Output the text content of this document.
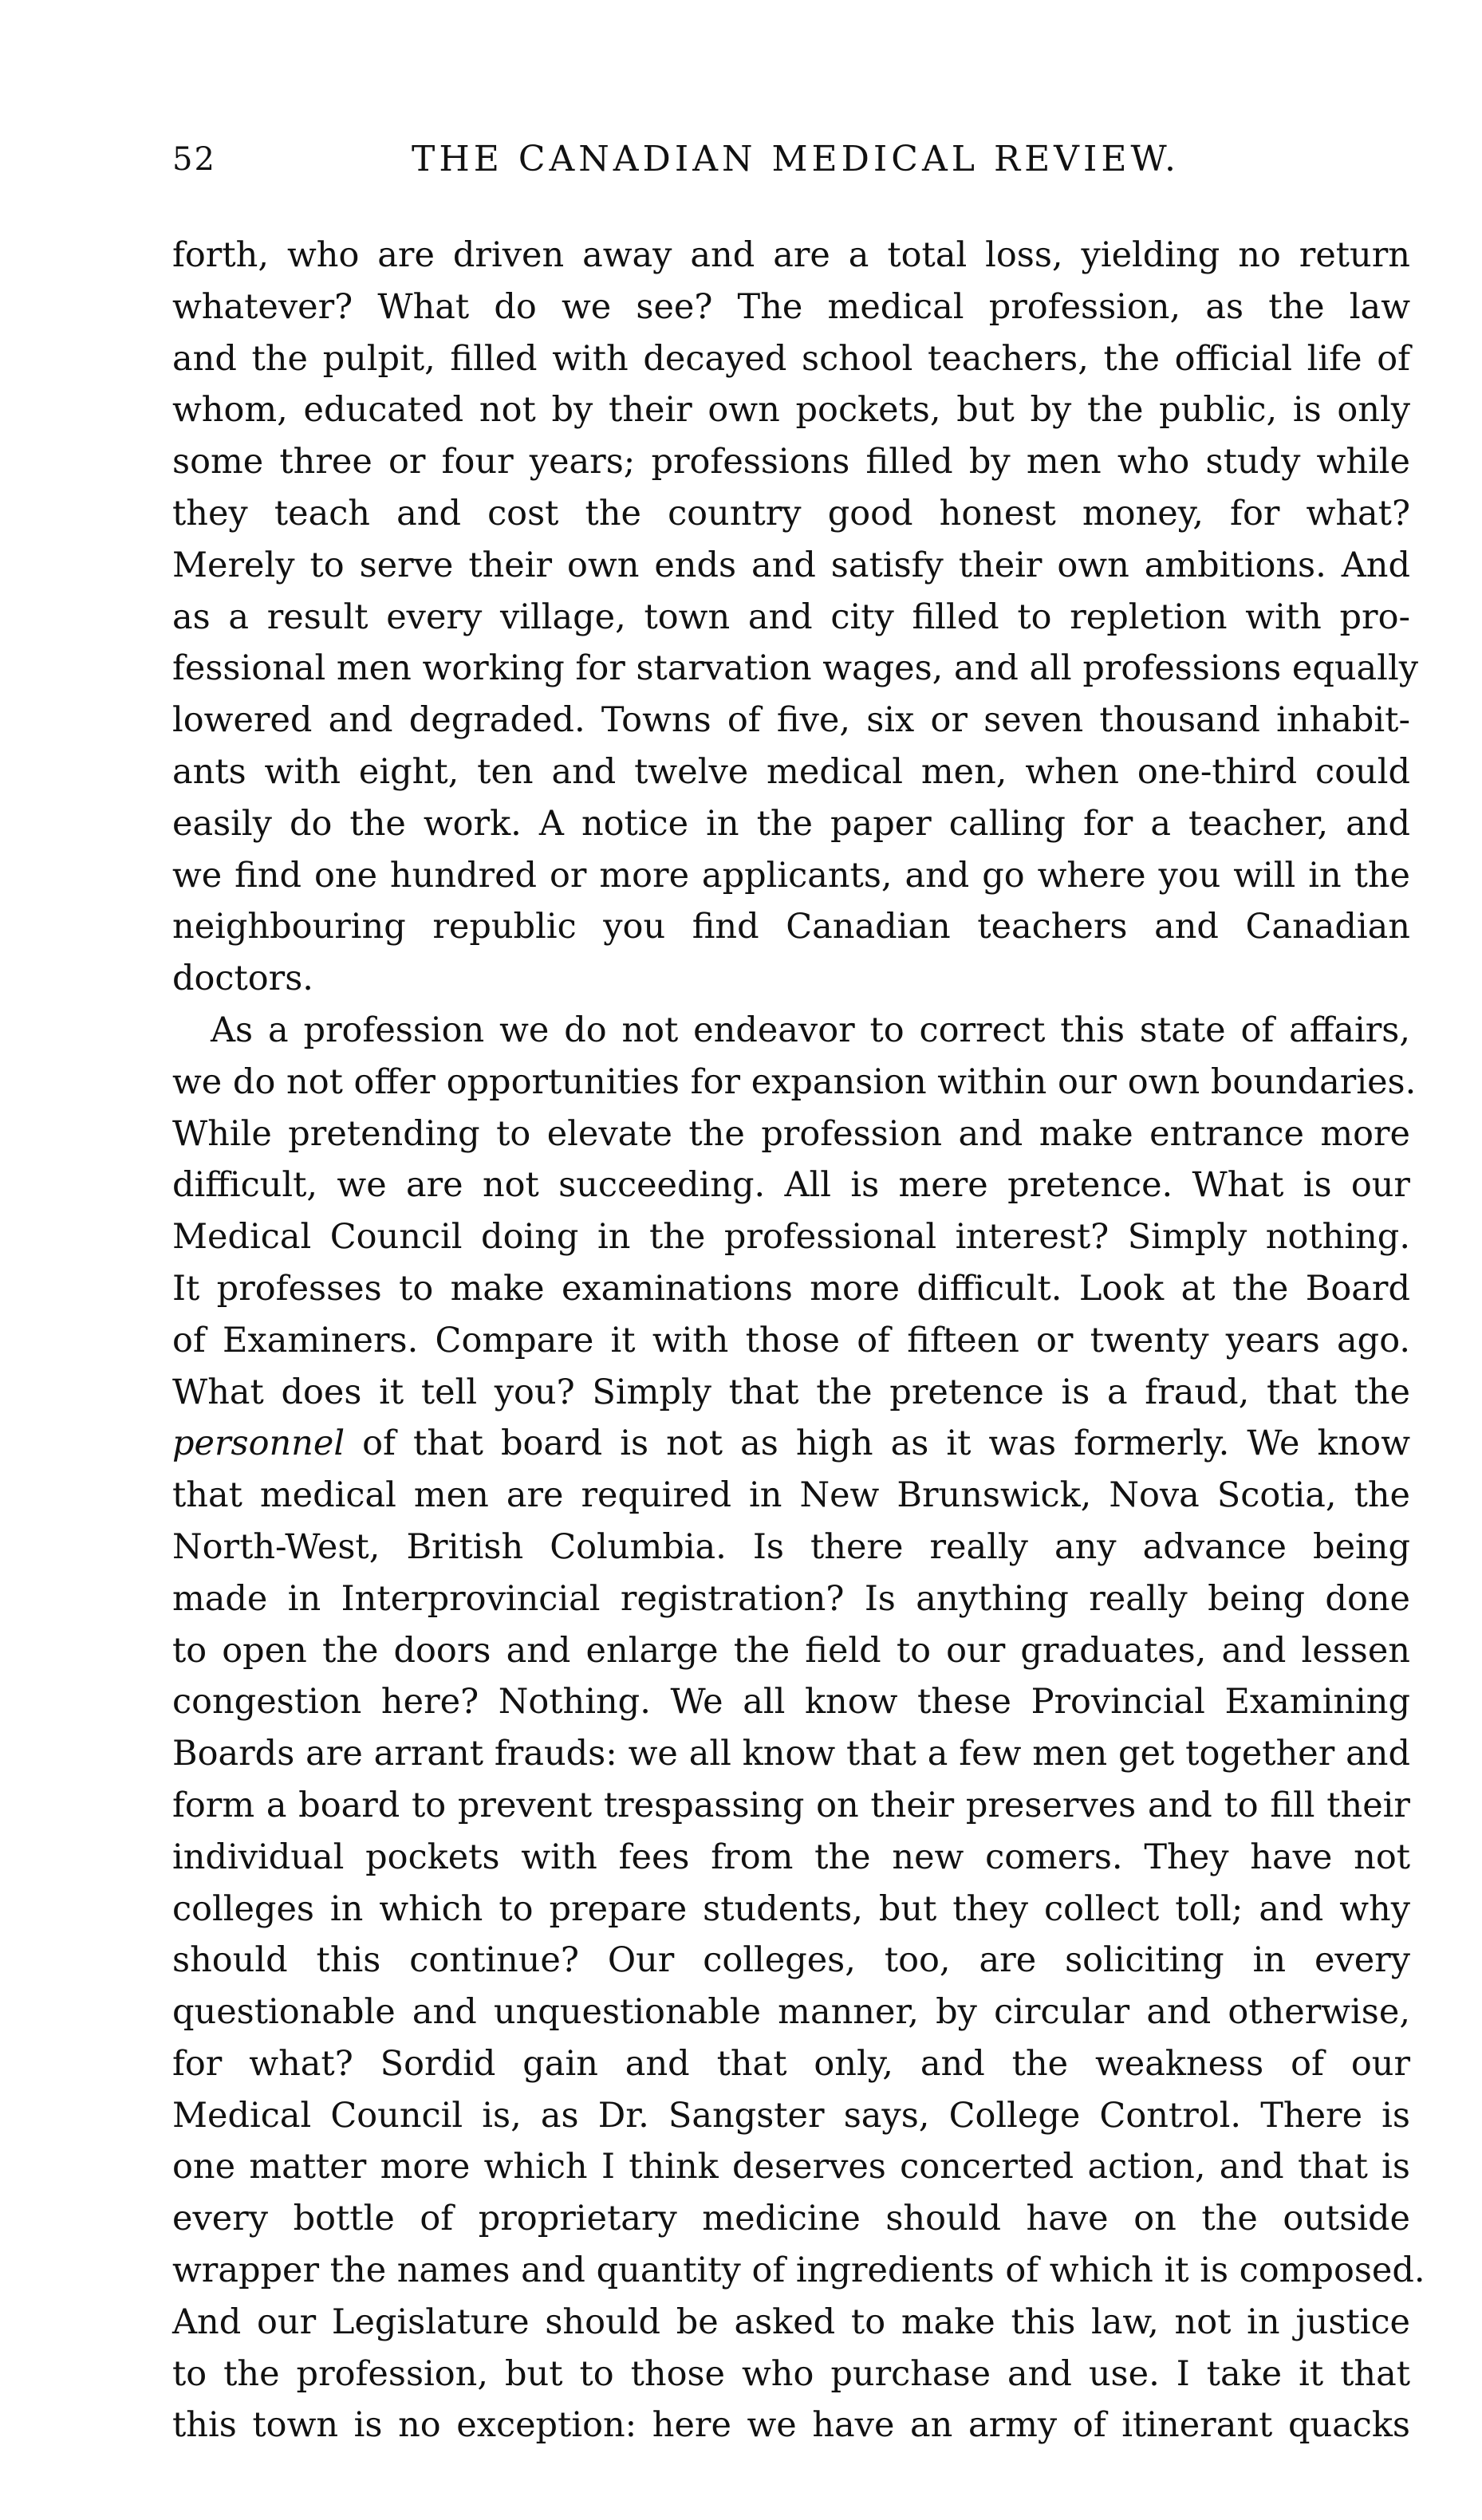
52	THE CANADIAN MEDICAL REVIEW.
forth, who are driven away and are a total loss, yielding no return
whatever? What do we see? The medical profession, as the law
and the pulpit, filled with decayed school teachers, the official life of
whom, educated not by their own pockets, but by the public, is only
some three or four years; professions filled by men who study while
they teach and cost the country good honest money, for what?
Merely to serve their own ends and satisfy their own ambitions. And
as a result every village, town and city filled to repletion with pro-
fessional men working for starvation wages, and all professions equally
lowered and degraded. Towns of five, six or seven thousand inhabit-
ants with eight, ten and twelve medical men, when one-third could
easily do the work. A notice in the paper calling for a teacher, and
we find one hundred or more applicants, and go where you will in the
neighbouring republic you find Canadian teachers and Canadian
doctors.
As a profession we do not endeavor to correct this state of affairs,
we do not offer opportunities for expansion within our own boundaries.
While pretending to elevate the profession and make entrance more
difficult, we are not succeeding. All is mere pretence. What is our
Medical Council doing in the professional interest? Simply nothing.
It professes to make examinations more difficult. Look at the Board
of Examiners. Compare it with those of fifteen or twenty years ago.
What does it tell you? Simply that the pretence is a fraud, that the
personnel of that board is not as high as it was formerly. We know
that medical men are required in New Brunswick, Nova Scotia, the
North-West, British Columbia. Is there really any advance being
made in Interprovincial registration? Is anything really being done
to open the doors and enlarge the field to our graduates, and lessen
congestion here? Nothing. We all know these Provincial Examining
Boards are arrant frauds: we all know that a few men get together and
form a board to prevent trespassing on their preserves and to fill their
individual pockets with fees from the new comers. They have not
colleges in which to prepare students, but they collect toll; and why
should this continue? Our colleges, too, are soliciting in every
questionable and unquestionable manner, by circular and otherwise,
for what? Sordid gain and that only, and the weakness of our
Medical Council is, as Dr. Sangster says, College Control. There is
one matter more which I think deserves concerted action, and that is
every bottle of proprietary medicine should have on the outside
wrapper the names and quantity of ingredients of which it is composed.
And our Legislature should be asked to make this law, not in justice
to the profession, but to those who purchase and use. I take it that
this town is no exception: here we have an army of itinerant quacks
